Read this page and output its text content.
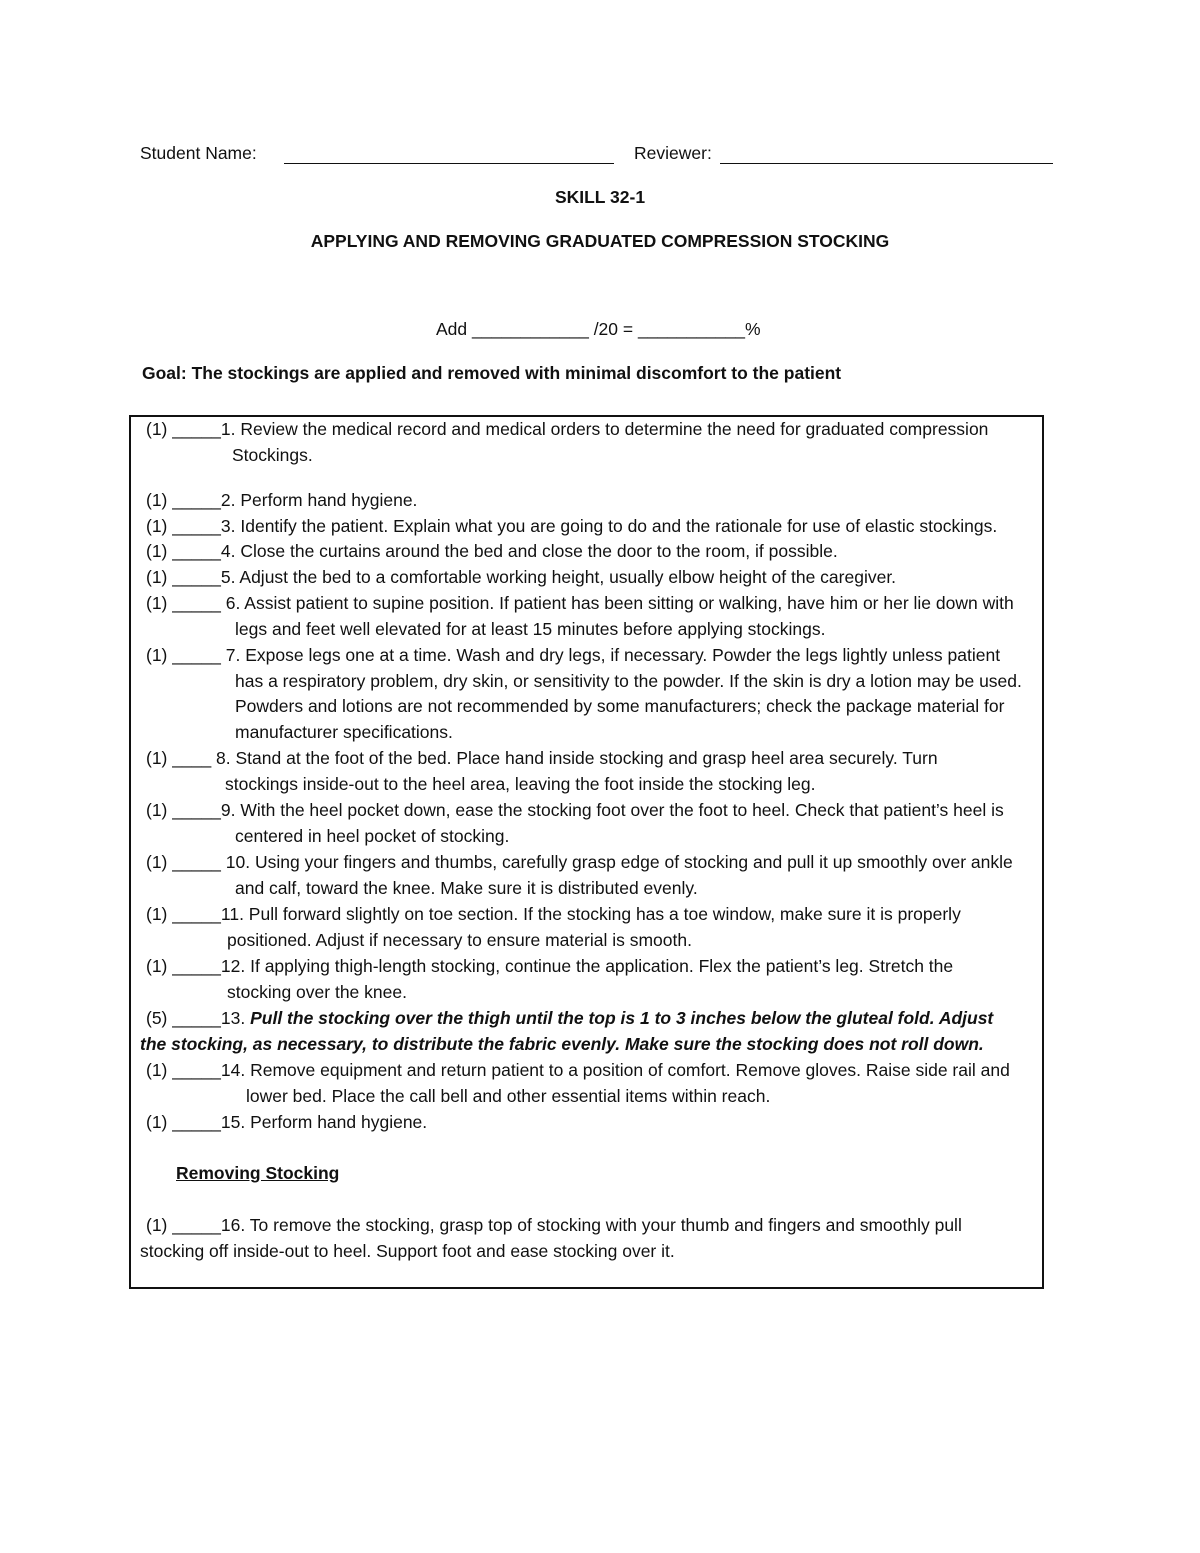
Student Name:	Reviewer:
SKILL 32-1
APPLYING AND REMOVING GRADUATED COMPRESSION STOCKING
Add ____________ /20 = ___________%
Goal: The stockings are applied and removed with minimal discomfort to the patient
(1) _____1. Review the medical record and medical orders to determine the need for graduated compression
Stockings.
(1) _____2. Perform hand hygiene.
(1) _____3. Identify the patient. Explain what you are going to do and the rationale for use of elastic stockings.
(1) _____4. Close the curtains around the bed and close the door to the room, if possible.
(1) _____5. Adjust the bed to a comfortable working height, usually elbow height of the caregiver.
(1) _____ 6. Assist patient to supine position. If patient has been sitting or walking, have him or her lie down with
legs and feet well elevated for at least 15 minutes before applying stockings.
(1) _____ 7. Expose legs one at a time. Wash and dry legs, if necessary. Powder the legs lightly unless patient
has a respiratory problem, dry skin, or sensitivity to the powder. If the skin is dry a lotion may be used.
Powders and lotions are not recommended by some manufacturers; check the package material for
manufacturer specifications.
(1) ____ 8. Stand at the foot of the bed. Place hand inside stocking and grasp heel area securely. Turn
stockings inside-out to the heel area, leaving the foot inside the stocking leg.
(1) _____9. With the heel pocket down, ease the stocking foot over the foot to heel. Check that patient’s heel is
centered in heel pocket of stocking.
(1) _____ 10. Using your fingers and thumbs, carefully grasp edge of stocking and pull it up smoothly over ankle
and calf, toward the knee. Make sure it is distributed evenly.
(1) _____11. Pull forward slightly on toe section. If the stocking has a toe window, make sure it is properly
positioned. Adjust if necessary to ensure material is smooth.
(1) _____12. If applying thigh-length stocking, continue the application. Flex the patient’s leg. Stretch the
stocking over the knee.
(5) _____13. Pull the stocking over the thigh until the top is 1 to 3 inches below the gluteal fold. Adjust
the stocking, as necessary, to distribute the fabric evenly. Make sure the stocking does not roll down.
(1) _____14. Remove equipment and return patient to a position of comfort. Remove gloves. Raise side rail and
lower bed. Place the call bell and other essential items within reach.
(1) _____15. Perform hand hygiene.
Removing Stocking
(1) _____16. To remove the stocking, grasp top of stocking with your thumb and fingers and smoothly pull
stocking off inside-out to heel. Support foot and ease stocking over it.
